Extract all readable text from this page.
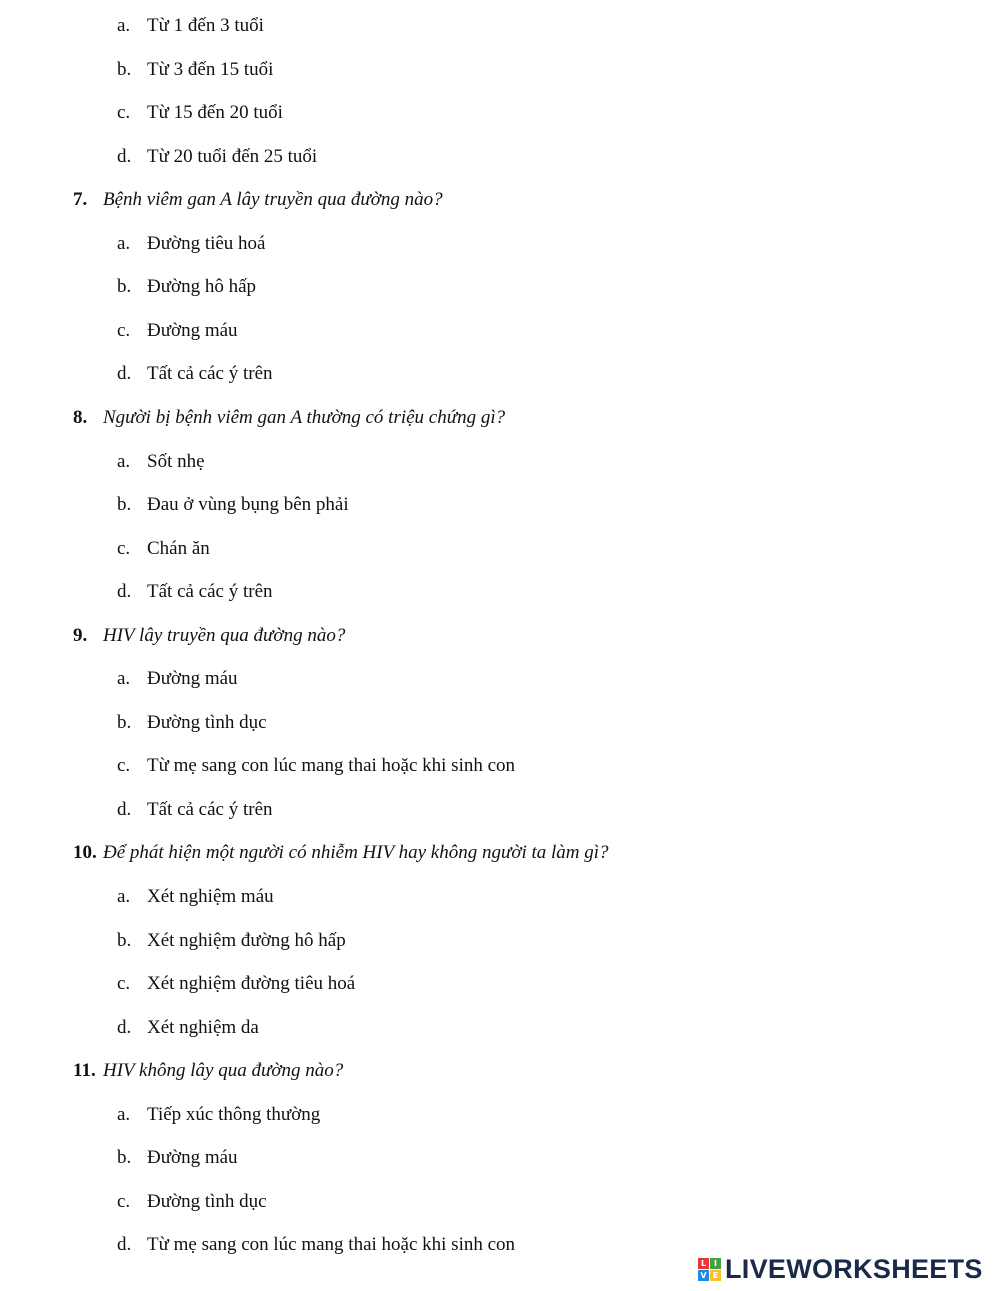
a. Từ 1 đến 3 tuổi
b. Từ 3 đến 15 tuổi
c. Từ 15 đến 20 tuổi
d. Từ 20 tuổi đến 25 tuổi
7. Bệnh viêm gan A lây truyền qua đường nào?
a. Đường tiêu hoá
b. Đường hô hấp
c. Đường máu
d. Tất cả các ý trên
8. Người bị bệnh viêm gan A thường có triệu chứng gì?
a. Sốt nhẹ
b. Đau ở vùng bụng bên phải
c. Chán ăn
d. Tất cả các ý trên
9. HIV lây truyền qua đường nào?
a. Đường máu
b. Đường tình dục
c. Từ mẹ sang con lúc mang thai hoặc khi sinh con
d. Tất cả các ý trên
10. Để phát hiện một người có nhiễm HIV hay không người ta làm gì?
a. Xét nghiệm máu
b. Xét nghiệm đường hô hấp
c. Xét nghiệm đường tiêu hoá
d. Xét nghiệm da
11. HIV không lây qua đường nào?
a. Tiếp xúc thông thường
b. Đường máu
c. Đường tình dục
d. Từ mẹ sang con lúc mang thai hoặc khi sinh con
L I
V E LIVEWORKSHEETS
